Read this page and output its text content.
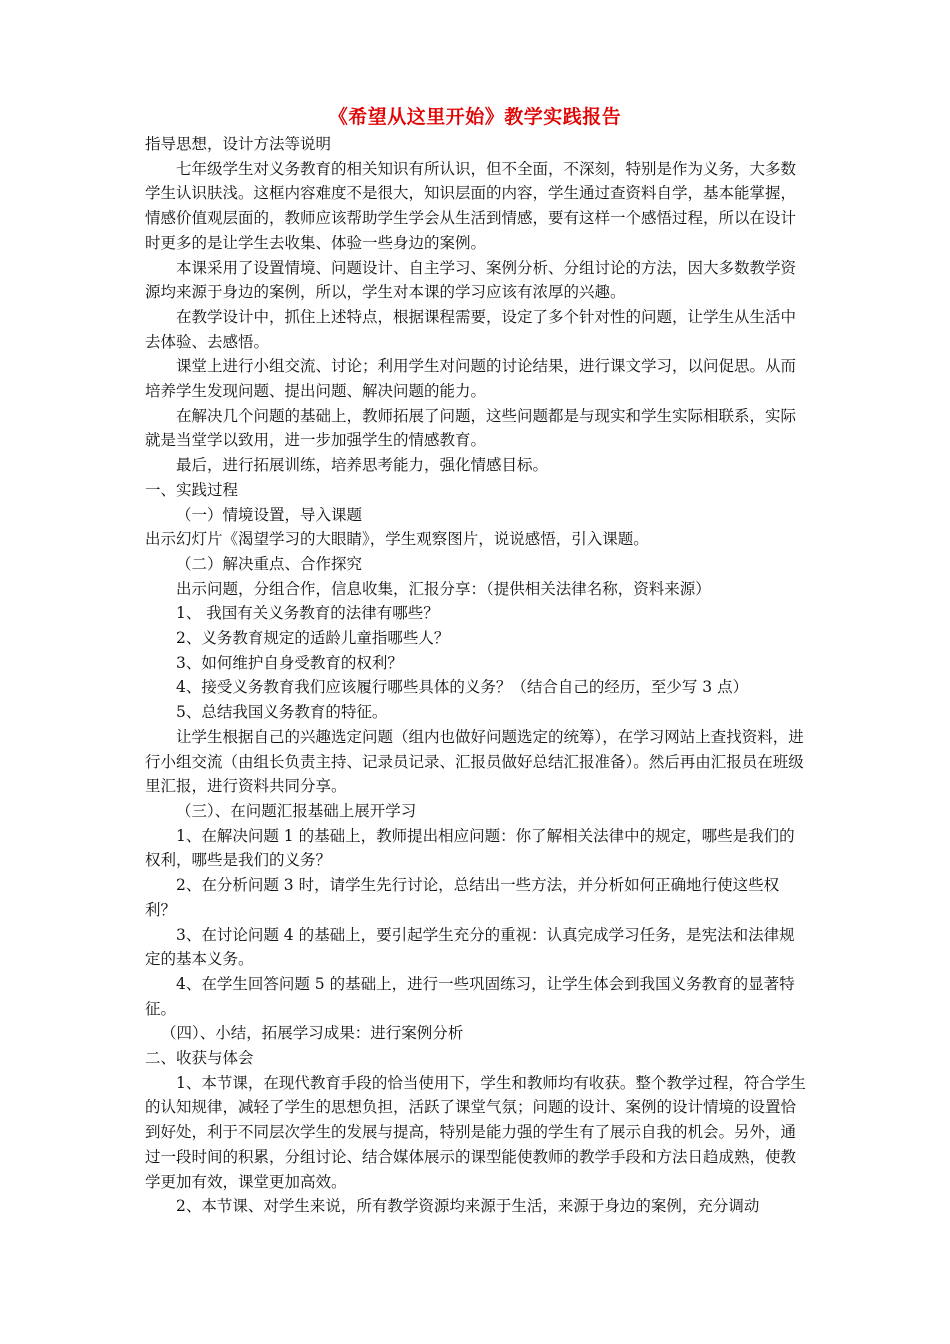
《希望从这里开始》教学实践报告

指导思想，设计方法等说明

七年级学生对义务教育的相关知识有所认识，但不全面，不深刻，特别是作为义务，大多数学生认识肤浅。这框内容难度不是很大，知识层面的内容，学生通过查资料自学，基本能掌握，情感价值观层面的，教师应该帮助学生学会从生活到情感，要有这样一个感悟过程，所以在设计时更多的是让学生去收集、体验一些身边的案例。

本课采用了设置情境、问题设计、自主学习、案例分析、分组讨论的方法，因大多数教学资源均来源于身边的案例，所以，学生对本课的学习应该有浓厚的兴趣。

在教学设计中，抓住上述特点，根据课程需要，设定了多个针对性的问题，让学生从生活中去体验、去感悟。

课堂上进行小组交流、讨论；利用学生对问题的讨论结果，进行课文学习，以问促思。从而培养学生发现问题、提出问题、解决问题的能力。

在解决几个问题的基础上，教师拓展了问题，这些问题都是与现实和学生实际相联系，实际就是当堂学以致用，进一步加强学生的情感教育。

最后，进行拓展训练，培养思考能力，强化情感目标。

一、实践过程

（一）情境设置，导入课题

出示幻灯片《渴望学习的大眼睛》，学生观察图片，说说感悟，引入课题。

（二）解决重点、合作探究

出示问题，分组合作，信息收集，汇报分享：（提供相关法律名称，资料来源）

1、 我国有关义务教育的法律有哪些？

2、义务教育规定的适龄儿童指哪些人？

3、如何维护自身受教育的权利？

4、接受义务教育我们应该履行哪些具体的义务？（结合自己的经历，至少写 3 点）

5、总结我国义务教育的特征。

让学生根据自己的兴趣选定问题（组内也做好问题选定的统筹），在学习网站上查找资料，进行小组交流（由组长负责主持、记录员记录、汇报员做好总结汇报准备）。然后再由汇报员在班级里汇报，进行资料共同分享。

（三）、在问题汇报基础上展开学习

1、在解决问题 1 的基础上，教师提出相应问题：你了解相关法律中的规定，哪些是我们的权利，哪些是我们的义务？

2、在分析问题 3 时，请学生先行讨论，总结出一些方法，并分析如何正确地行使这些权利？

3、在讨论问题 4 的基础上，要引起学生充分的重视：认真完成学习任务，是宪法和法律规定的基本义务。

4、在学生回答问题 5 的基础上，进行一些巩固练习，让学生体会到我国义务教育的显著特征。

（四）、小结，拓展学习成果：进行案例分析

二、收获与体会

1、本节课，在现代教育手段的恰当使用下，学生和教师均有收获。整个教学过程，符合学生的认知规律，减轻了学生的思想负担，活跃了课堂气氛；问题的设计、案例的设计情境的设置恰到好处，利于不同层次学生的发展与提高，特别是能力强的学生有了展示自我的机会。另外，通过一段时间的积累，分组讨论、结合媒体展示的课型能使教师的教学手段和方法日趋成熟，使教学更加有效，课堂更加高效。

2、本节课、对学生来说，所有教学资源均来源于生活，来源于身边的案例，充分调动
